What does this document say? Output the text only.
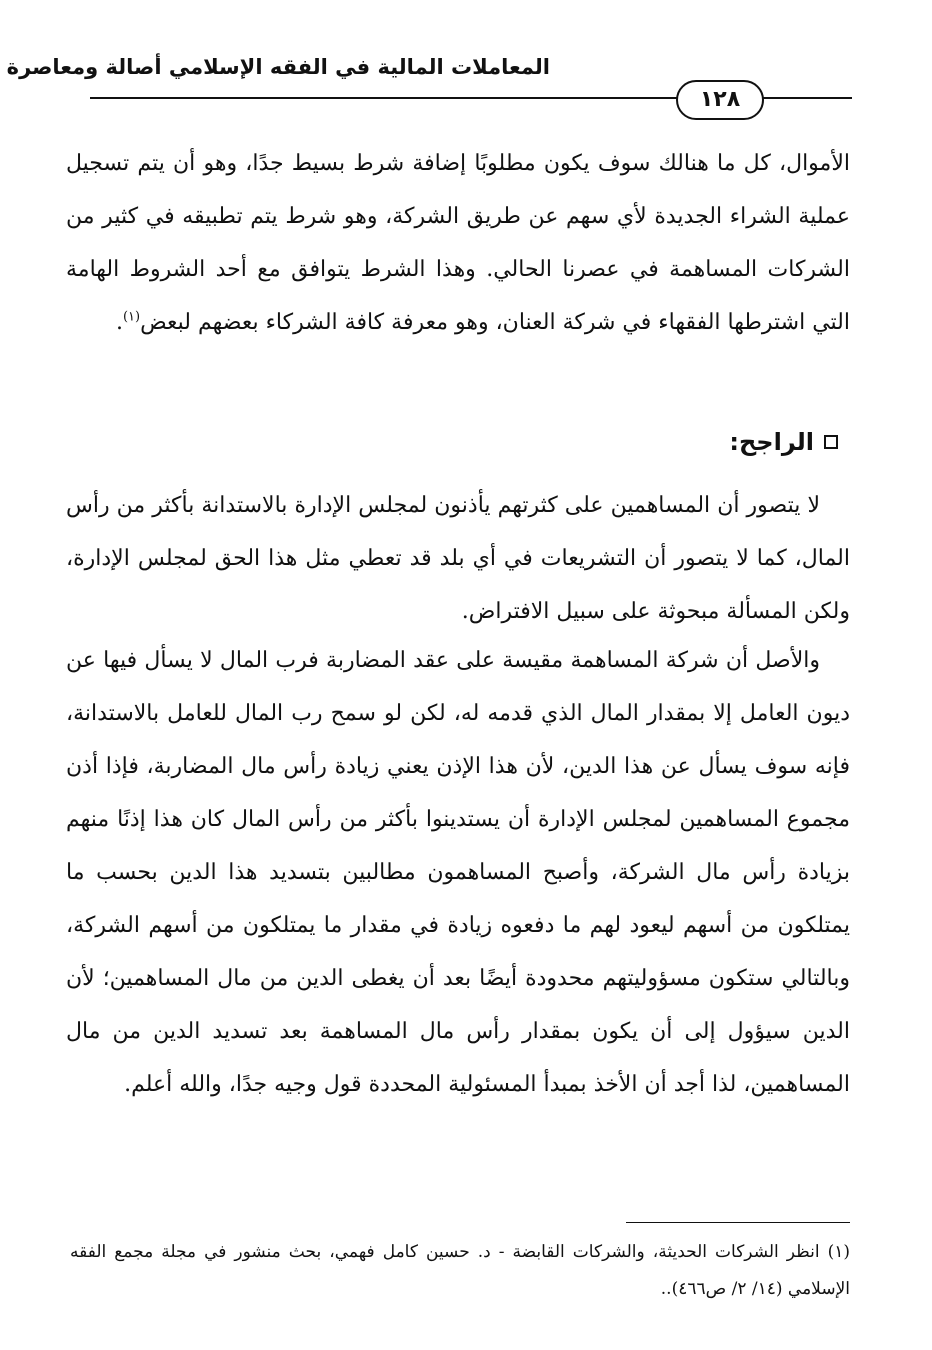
المعاملات المالية في الفقه الإسلامي أصالة ومعاصرة
١٢٨

الأموال، كل ما هنالك سوف يكون مطلوبًا إضافة شرط بسيط جدًا، وهو أن يتم تسجيل عملية الشراء الجديدة لأي سهم عن طريق الشركة، وهو شرط يتم تطبيقه في كثير من الشركات المساهمة في عصرنا الحالي. وهذا الشرط يتوافق مع أحد الشروط الهامة التي اشترطها الفقهاء في شركة العنان، وهو معرفة كافة الشركاء بعضهم لبعض$^{(١)}$.

الراجح:

لا يتصور أن المساهمين على كثرتهم يأذنون لمجلس الإدارة بالاستدانة بأكثر من رأس المال، كما لا يتصور أن التشريعات في أي بلد قد تعطي مثل هذا الحق لمجلس الإدارة، ولكن المسألة مبحوثة على سبيل الافتراض.

والأصل أن شركة المساهمة مقيسة على عقد المضاربة فرب المال لا يسأل فيها عن ديون العامل إلا بمقدار المال الذي قدمه له، لكن لو سمح رب المال للعامل بالاستدانة، فإنه سوف يسأل عن هذا الدين، لأن هذا الإذن يعني زيادة رأس مال المضاربة، فإذا أذن مجموع المساهمين لمجلس الإدارة أن يستدينوا بأكثر من رأس المال كان هذا إذنًا منهم بزيادة رأس مال الشركة، وأصبح المساهمون مطالبين بتسديد هذا الدين بحسب ما يمتلكون من أسهم ليعود لهم ما دفعوه زيادة في مقدار ما يمتلكون من أسهم الشركة، وبالتالي ستكون مسؤوليتهم محدودة أيضًا بعد أن يغطى الدين من مال المساهمين؛ لأن الدين سيؤول إلى أن يكون بمقدار رأس مال المساهمة بعد تسديد الدين من مال المساهمين، لذا أجد أن الأخذ بمبدأ المسئولية المحددة قول وجيه جدًا، والله أعلم.

(١) انظر الشركات الحديثة، والشركات القابضة - د. حسين كامل فهمي، بحث منشور في مجلة مجمع الفقه الإسلامي (١٤/ ٢/ ص٤٦٦)..
